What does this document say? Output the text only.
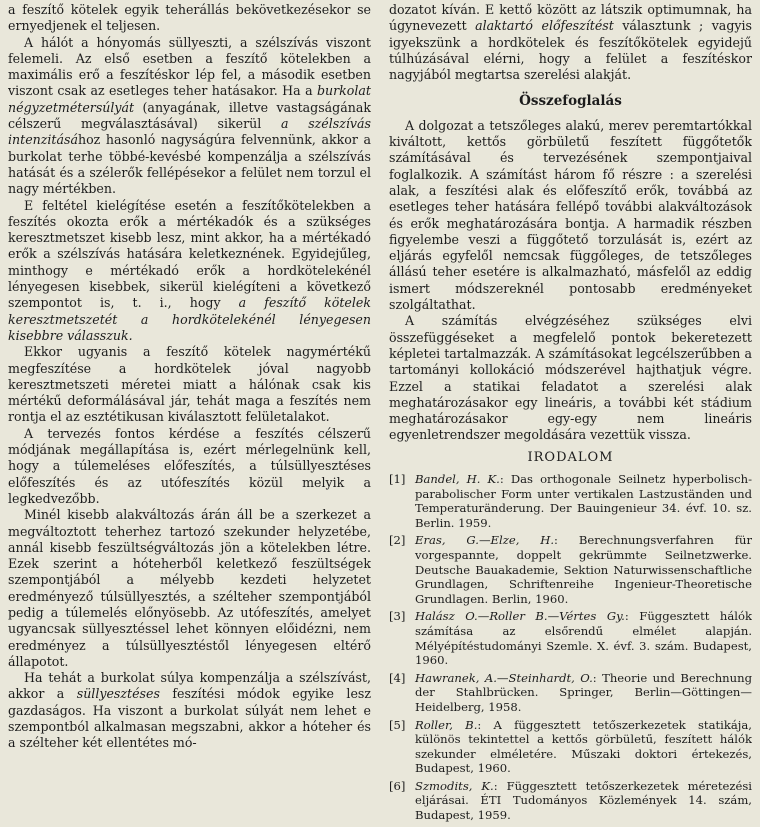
a feszítő kötelek egyik teherállás bekövetkezésekor se ernyedjenek el teljesen.

A hálót a hónyomás süllyeszti, a szélszívás viszont felemeli. Az első esetben a feszítő kötelekben a maximális erő a feszítéskor lép fel, a második esetben viszont csak az esetleges teher hatásakor. Ha a burkolat négyzetmétersúlyát (anyagának, illetve vastagságának célszerű megválasztásával) sikerül a szélszívás intenzitásához hasonló nagyságúra felvennünk, akkor a burkolat terhe többé-kevésbé kompenzálja a szélszívás hatását és a szélerők fellépésekor a felület nem torzul el nagy mértékben.

E feltétel kielégítése esetén a feszítőkötelekben a feszítés okozta erők a mértékadók és a szükséges keresztmetszet kisebb lesz, mint akkor, ha a mértékadó erők a szélszívás hatására keletkeznének. Egyidejűleg, minthogy e mértékadó erők a hordkötelekénél lényegesen kisebbek, sikerül kielégíteni a következő szempontot is, t. i., hogy a feszítő kötelek keresztmetszetét a hordkötelekénél lényegesen kisebbre válasszuk.

Ekkor ugyanis a feszítő kötelek nagymértékű megfeszítése a hordkötelek jóval nagyobb keresztmetszeti méretei miatt a hálónak csak kis mértékű deformálásával jár, tehát maga a feszítés nem rontja el az esztétikusan kiválasztott felületalakot.

A tervezés fontos kérdése a feszítés célszerű módjának megállapítása is, ezért mérlegelnünk kell, hogy a túlemeléses előfeszítés, a túlsüllyesztéses előfeszítés és az utófeszítés közül melyik a legkedvezőbb.

Minél kisebb alakváltozás árán áll be a szerkezet a megváltoztott teherhez tartozó szekunder helyzetébe, annál kisebb feszültségváltozás jön a kötelekben létre. Ezek szerint a hóteherből keletkező feszültségek szempontjából a mélyebb kezdeti helyzetet eredményező túlsüllyesztés, a szélteher szempontjából pedig a túlemelés előnyösebb. Az utófeszítés, amelyet ugyancsak süllyesztéssel lehet könnyen előidézni, nem eredményez a túlsüllyesztéstől lényegesen eltérő állapotot.

Ha tehát a burkolat súlya kompenzálja a szélszívást, akkor a süllyesztéses feszítési módok egyike lesz gazdaságos. Ha viszont a burkolat súlyát nem lehet e szempontból alkalmasan megszabni, akkor a hóteher és a szélteher két ellentétes mó-

dozatot kíván. E kettő között az látszik optimumnak, ha úgynevezett alaktartó előfeszítést választunk ; vagyis igyekszünk a hordkötelek és feszítőkötelek egyidejű túlhúzásával elérni, hogy a felület a feszítéskor nagyjából megtartsa szerelési alakját.

Összefoglalás

A dolgozat a tetszőleges alakú, merev peremtartókkal kiváltott, kettős görbületű feszített függőtetők számításával és tervezésének szempontjaival foglalkozik. A számítást három fő részre : a szerelési alak, a feszítési alak és előfeszítő erők, továbbá az esetleges teher hatására fellépő további alakváltozások és erők meghatározására bontja. A harmadik részben figyelembe veszi a függőtető torzulását is, ezért az eljárás egyfelől nemcsak függőleges, de tetszőleges állású teher esetére is alkalmazható, másfelől az eddig ismert módszereknél pontosabb eredményeket szolgáltathat.

A számítás elvégzéséhez szükséges elvi összefüggéseket a megfelelő pontok bekeretezett képletei tartalmazzák. A számításokat legcélszerűbben a tartományi kollokáció módszerével hajthatjuk végre. Ezzel a statikai feladatot a szerelési alak meghatározásakor egy lineáris, a további két stádium meghatározásakor egy-egy nem lineáris egyenletrendszer megoldására vezettük vissza.

IRODALOM
[1] Bandel, H. K.: Das orthogonale Seilnetz hyperbolisch-parabolischer Form unter vertikalen Lastzuständen und Temperaturänderung. Der Bauingenieur 34. évf. 10. sz. Berlin. 1959.
[2] Eras, G.—Elze, H.: Berechnungsverfahren für vorgespannte, doppelt gekrümmte Seilnetzwerke. Deutsche Bauakademie, Sektion Naturwissenschaftliche Grundlagen, Schriftenreihe Ingenieur-Theoretische Grundlagen. Berlin, 1960.
[3] Halász O.—Roller B.—Vértes Gy.: Függesztett hálók számítása az elsőrendű elmélet alapján. Mélyépítéstudományi Szemle. X. évf. 3. szám. Budapest, 1960.
[4] Hawranek, A.—Steinhardt, O.: Theorie und Berechnung der Stahlbrücken. Springer, Berlin—Göttingen—Heidelberg, 1958.
[5] Roller, B.: A függesztett tetőszerkezetek statikája, különös tekintettel a kettős görbületű, feszített hálók szekunder elméletére. Műszaki doktori értekezés, Budapest, 1960.
[6] Szmodits, K.: Függesztett tetőszerkezetek méretezési eljárásai. ÉTI Tudományos Közlemények 14. szám, Budapest, 1959.
